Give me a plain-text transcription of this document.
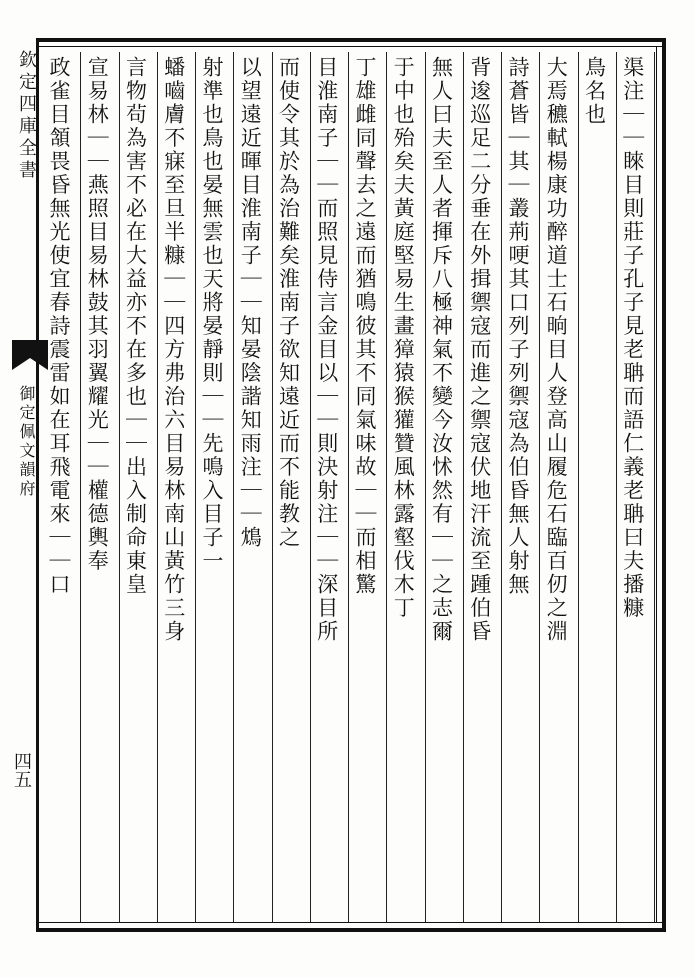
欽定四庫全書
御定佩文韻府
四五
渠注｜｜睞目則莊子孔子見老聃而語仁義老聃曰夫播糠
鳥名也
大焉穮軾楊康功醉道士石晌目人登高山履危石臨百仞之淵
詩蒼皆｜其｜叢荊哽其口列子列禦寇為伯昏無人射無
背逡巡足二分垂在外揖禦寇而進之禦寇伏地汗流至踵伯昏
無人曰夫至人者揮斥八極神氣不變今汝怵然有｜｜之志爾
于中也殆矣夫黃庭堅易生畫獐猿猴獾贊風林露壑伐木丁
丁雄雌同聲去之遠而猶鳴彼其不同氣味故｜｜而相驚
目淮南子｜｜而照見侍言金目以｜｜則決射注｜｜深目所
而使令其於為治難矣淮南子欲知遠近而不能教之
以望遠近暉目淮南子｜｜知晏陰諧知雨注｜｜鴆
射準也鳥也晏無雲也天將晏靜則｜｜先鳴入目子一
蟠嚙膚不寐至旦半糠｜｜四方弗治六目易林南山黃竹三身
言物茍為害不必在大益亦不在多也｜｜出入制命東皇
宣易林｜｜燕照目易林鼓其羽翼耀光｜｜權德輿奉
政雀目頷畏昏無光使宜春詩震雷如在耳飛電來｜｜口
